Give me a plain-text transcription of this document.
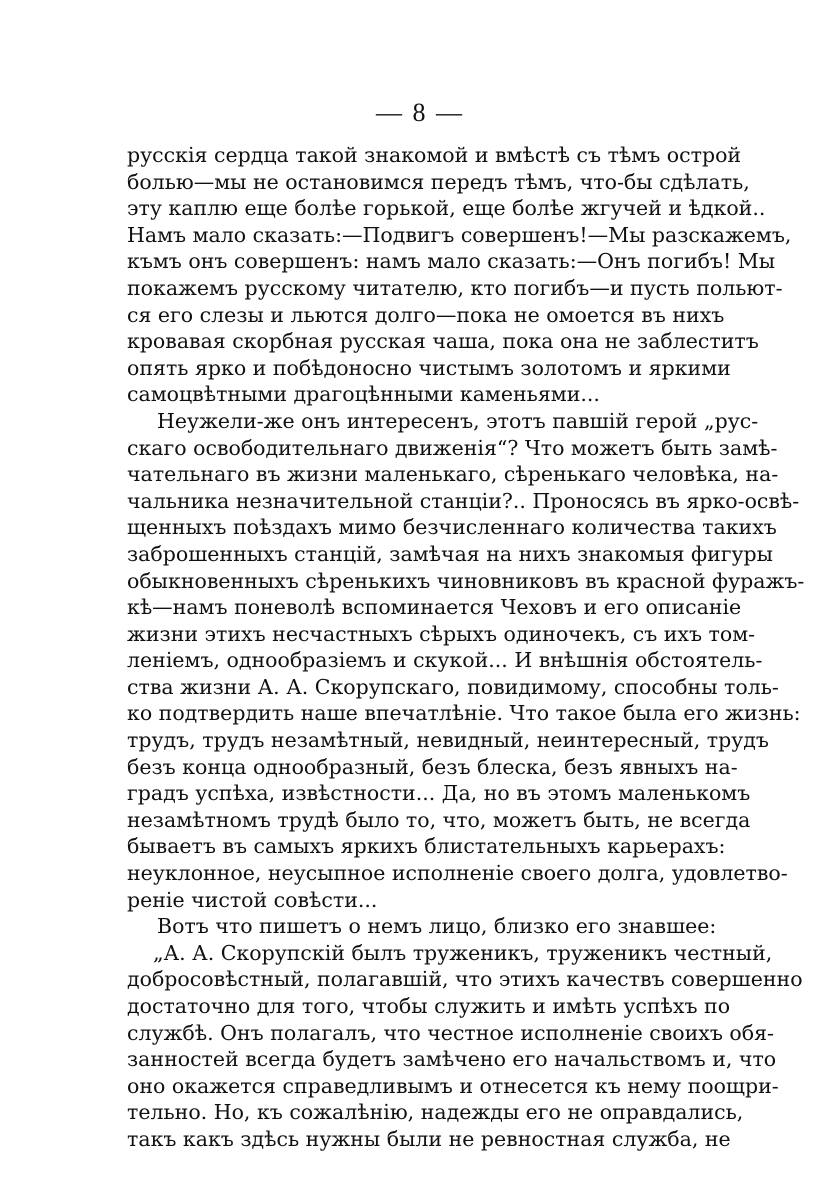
— 8 —
русскія сердца такой знакомой и вмѣстѣ съ тѣмъ острой
болью—мы не остановимся передъ тѣмъ, что-бы сдѣлать,
эту каплю еще болѣе горькой, еще болѣе жгучей и ѣдкой..
Намъ мало сказать:—Подвигъ совершенъ!—Мы разскажемъ,
къмъ онъ совершенъ: намъ мало сказать:—Онъ погибъ! Мы
покажемъ русскому читателю, кто погибъ—и пусть польют-
ся его слезы и льются долго—пока не омоется въ нихъ
кровавая скорбная русская чаша, пока она не заблеститъ
опять ярко и побѣдоносно чистымъ золотомъ и яркими
самоцвѣтными драгоцѣнными каменьями...
Неужели-же онъ интересенъ, этотъ павшій герой „рус-
скаго освободительнаго движенія“? Что можетъ быть замѣ-
чательнаго въ жизни маленькаго, сѣренькаго человѣка, на-
чальника незначительной станціи?.. Проносясь въ ярко-освѣ-
щенныхъ поѣздахъ мимо безчисленнаго количества такихъ
заброшенныхъ станцій, замѣчая на нихъ знакомыя фигуры
обыкновенныхъ сѣренькихъ чиновниковъ въ красной фуражъ-
кѣ—намъ поневолѣ вспоминается Чеховъ и его описаніе
жизни этихъ несчастныхъ сѣрыхъ одиночекъ, съ ихъ том-
леніемъ, однообразіемъ и скукой... И внѣшнія обстоятель-
ства жизни А. А. Скорупскаго, повидимому, способны толь-
ко подтвердить наше впечатлѣніе. Что такое была его жизнь:
трудъ, трудъ незамѣтный, невидный, неинтересный, трудъ
безъ конца однообразный, безъ блеска, безъ явныхъ на-
градъ успѣха, извѣстности... Да, но въ этомъ маленькомъ
незамѣтномъ трудѣ было то, что, можетъ быть, не всегда
бываетъ въ самыхъ яркихъ блистательныхъ карьерахъ:
неуклонное, неусыпное исполненіе своего долга, удовлетво-
реніе чистой совѣсти...
Вотъ что пишетъ о немъ лицо, близко его знавшее:
„А. А. Скорупскій былъ труженикъ, труженикъ честный,
добросовѣстный, полагавшій, что этихъ качествъ совершенно
достаточно для того, чтобы служить и имѣть успѣхъ по
службѣ. Онъ полагалъ, что честное исполненіе своихъ обя-
занностей всегда будетъ замѣчено его начальствомъ и, что
оно окажется справедливымъ и отнесется къ нему поощри-
тельно. Но, къ сожалѣнію, надежды его не оправдались,
такъ какъ здѣсь нужны были не ревностная служба, не
